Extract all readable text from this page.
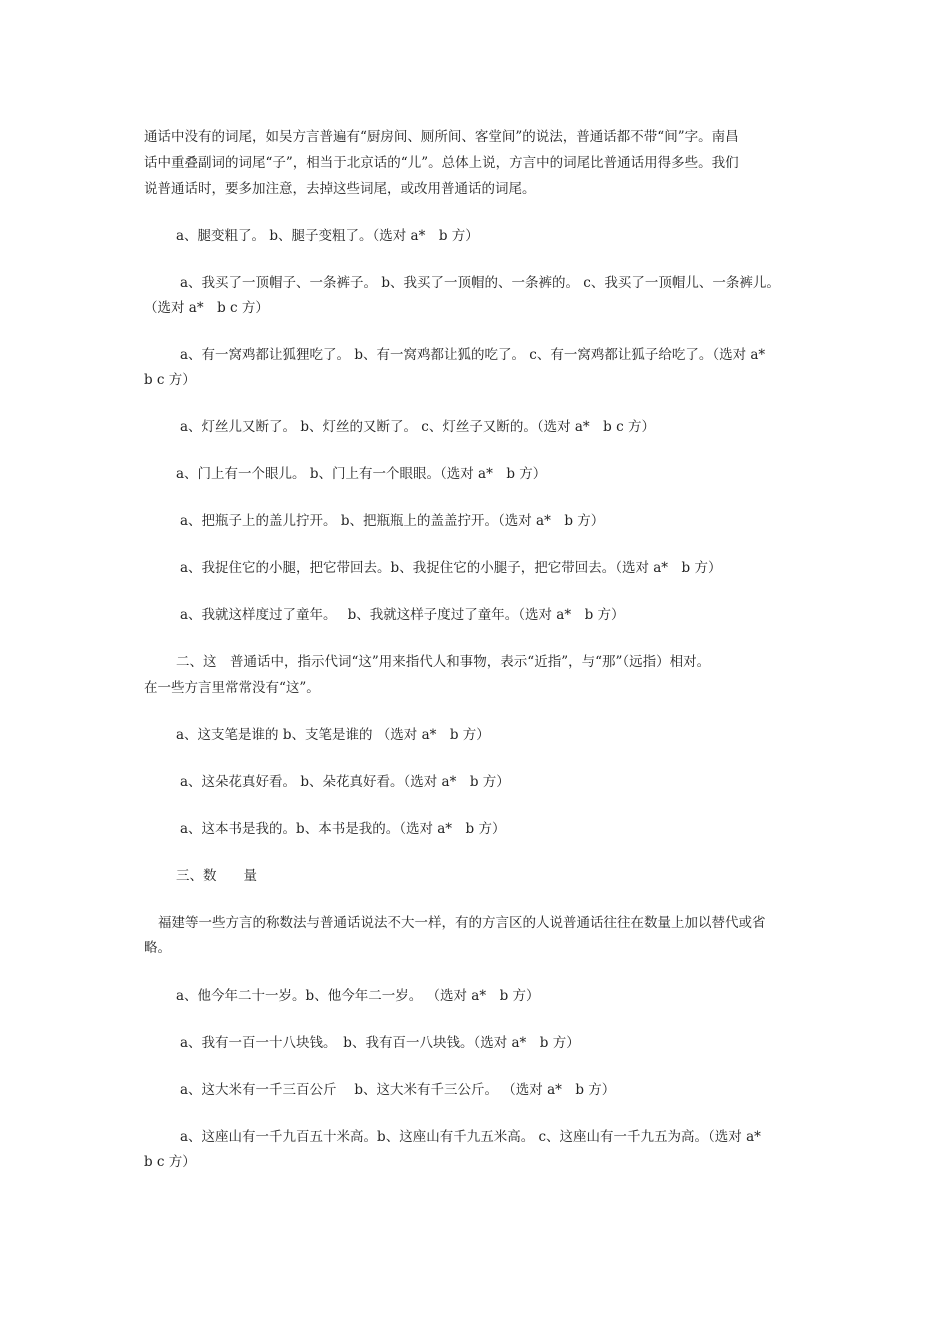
通话中没有的词尾，如吴方言普遍有“厨房间、厕所间、客堂间”的说法，普通话都不带“间”字。南昌
话中重叠副词的词尾“子”，相当于北京话的“儿”。总体上说，方言中的词尾比普通话用得多些。我们
说普通话时，要多加注意，去掉这些词尾，或改用普通话的词尾。
a、腿变粗了。 b、腿子变粗了。（选对 a*　b 方）
a、我买了一顶帽子、一条裤子。 b、我买了一顶帽的、一条裤的。 c、我买了一顶帽儿、一条裤儿。
（选对 a*　b c 方）
a、有一窝鸡都让狐狸吃了。 b、有一窝鸡都让狐的吃了。 c、有一窝鸡都让狐子给吃了。（选对 a*
b c 方）
a、灯丝儿又断了。 b、灯丝的又断了。 c、灯丝子又断的。（选对 a*　b c 方）
a、门上有一个眼儿。 b、门上有一个眼眼。（选对 a*　b 方）
a、把瓶子上的盖儿拧开。 b、把瓶瓶上的盖盖拧开。（选对 a*　b 方）
a、我捉住它的小腿，把它带回去。b、我捉住它的小腿子，把它带回去。（选对 a*　b 方）
a、我就这样度过了童年。　 b、我就这样子度过了童年。（选对 a*　b 方）
二、这　普通话中，指示代词“这”用来指代人和事物，表示“近指”，与“那”（远指）相对。
在一些方言里常常没有“这”。
a、这支笔是谁的 b、支笔是谁的 （选对 a*　b 方）
a、这朵花真好看。 b、朵花真好看。（选对 a*　b 方）
a、这本书是我的。b、本书是我的。（选对 a*　b 方）
三、数　　量
福建等一些方言的称数法与普通话说法不大一样，有的方言区的人说普通话往往在数量上加以替代或省
略。
a、他今年二十一岁。b、他今年二一岁。 （选对 a*　b 方）
a、我有一百一十八块钱。　b、我有百一八块钱。（选对 a*　b 方）
a、这大米有一千三百公斤　 b、这大米有千三公斤。 （选对 a*　b 方）
a、这座山有一千九百五十米高。b、这座山有千九五米高。 c、这座山有一千九五为高。（选对 a*
b c 方）
